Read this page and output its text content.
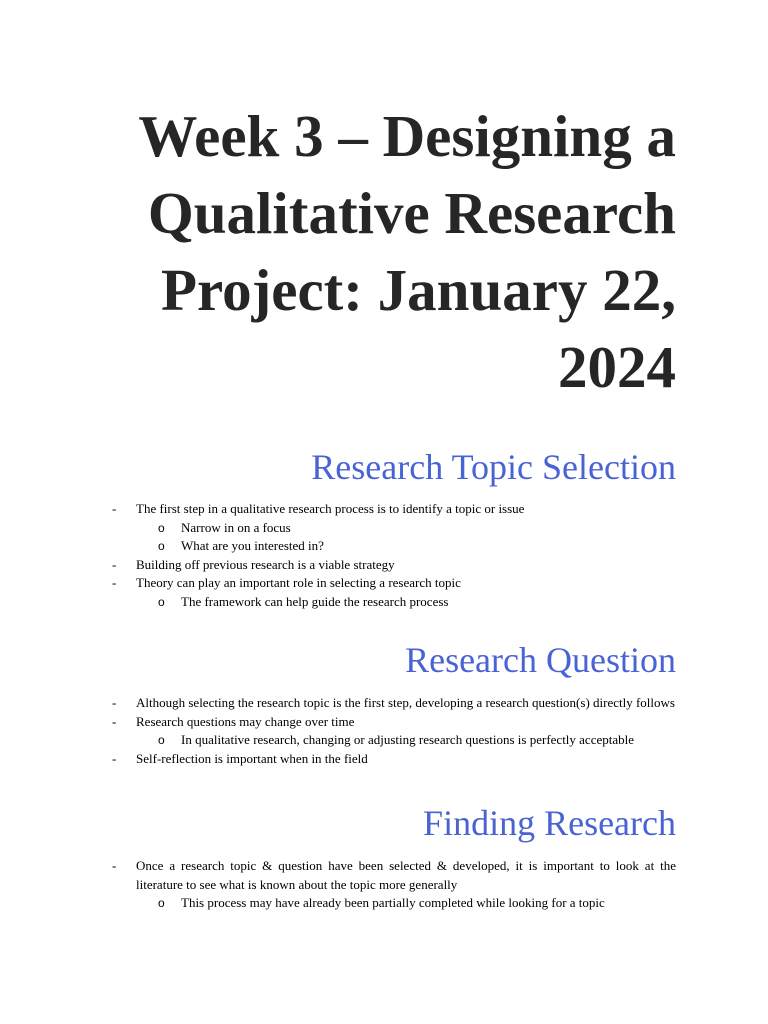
Week 3 – Designing a
Qualitative Research
Project: January 22,
2024
Research Topic Selection
- The first step in a qualitative research process is to identify a topic or issue
o Narrow in on a focus
o What are you interested in?
- Building off previous research is a viable strategy
- Theory can play an important role in selecting a research topic
o The framework can help guide the research process
Research Question
- Although selecting the research topic is the first step, developing a research question(s) directly follows
- Research questions may change over time
o In qualitative research, changing or adjusting research questions is perfectly acceptable
- Self-reflection is important when in the field
Finding Research
- Once a research topic & question have been selected & developed, it is important to look at the literature to see what is known about the topic more generally
o This process may have already been partially completed while looking for a topic
